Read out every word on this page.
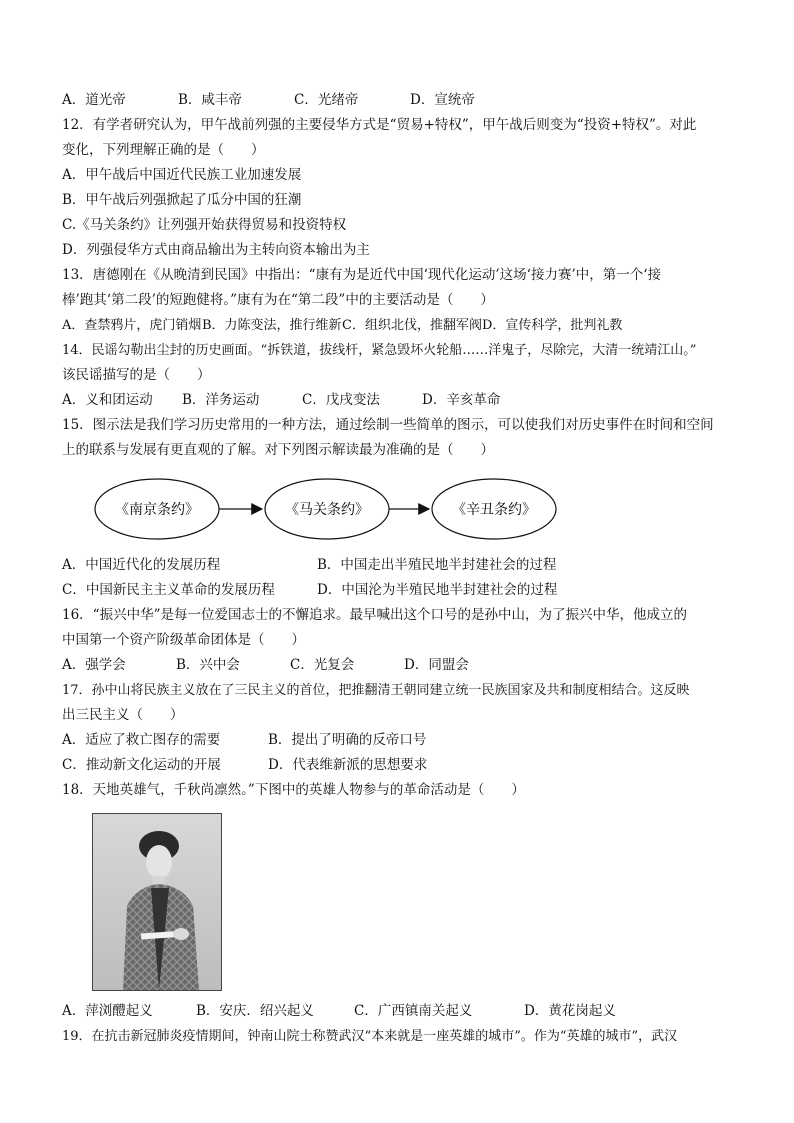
A．道光帝	B．咸丰帝	C．光绪帝	D．宣统帝
12．有学者研究认为，甲午战前列强的主要侵华方式是“贸易+特权”，甲午战后则变为“投资+特权”。对此
变化，下列理解正确的是（　　）
A．甲午战后中国近代民族工业加速发展
B．甲午战后列强掀起了瓜分中国的狂潮
C.《马关条约》让列强开始获得贸易和投资特权
D．列强侵华方式由商品输出为主转向资本输出为主
13．唐德刚在《从晚清到民国》中指出：“康有为是近代中国‘现代化运动’这场‘接力赛’中，第一个‘接
棒’跑其‘第二段’的短跑健将。”康有为在“第二段”中的主要活动是（　　）
A．查禁鸦片，虎门销烟 B．力陈变法，推行维新 C．组织北伐，推翻军阀 D．宣传科学，批判礼教
14．民谣勾勒出尘封的历史画面。“拆铁道，拔线杆，紧急毁坏火轮船……洋鬼子，尽除完，大清一统靖江山。”
该民谣描写的是（　　）
A．义和团运动	B．洋务运动	C．戊戌变法	D．辛亥革命
15．图示法是我们学习历史常用的一种方法，通过绘制一些简单的图示，可以使我们对历史事件在时间和空间
上的联系与发展有更直观的了解。对下列图示解读最为准确的是（　　）
《南京条约》	《马关条约》	《辛丑条约》
A．中国近代化的发展历程	B．中国走出半殖民地半封建社会的过程
C．中国新民主主义革命的发展历程	D．中国沦为半殖民地半封建社会的过程
16．“振兴中华”是每一位爱国志士的不懈追求。最早喊出这个口号的是孙中山，为了振兴中华，他成立的
中国第一个资产阶级革命团体是（　　）
A．强学会	B．兴中会	C．光复会	D．同盟会
17．孙中山将民族主义放在了三民主义的首位，把推翻清王朝同建立统一民族国家及共和制度相结合。这反映
出三民主义（　　）
A．适应了救亡图存的需要	B．提出了明确的反帝口号
C．推动新文化运动的开展	D．代表维新派的思想要求
18．天地英雄气，千秋尚凛然。”下图中的英雄人物参与的革命活动是（　　）
A．萍浏醴起义	B．安庆．绍兴起义	C．广西镇南关起义	D．黄花岗起义
19．在抗击新冠肺炎疫情期间，钟南山院士称赞武汉“本来就是一座英雄的城市”。作为“英雄的城市”，武汉
